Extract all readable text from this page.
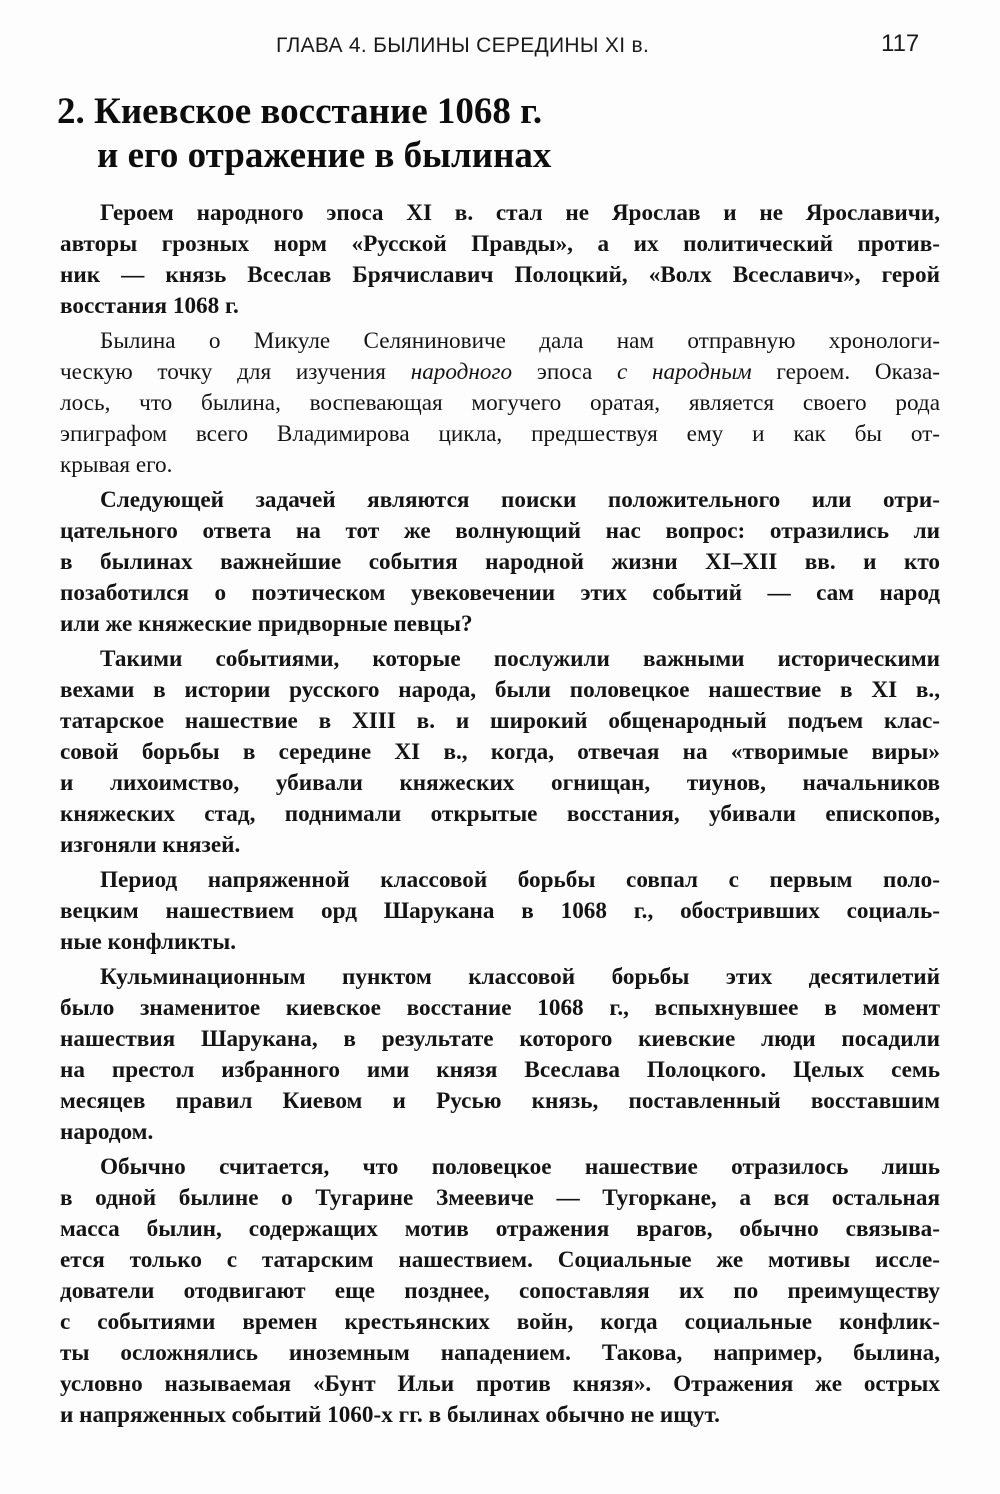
ГЛАВА 4. БЫЛИНЫ СЕРЕДИНЫ XI в.	117
2. Киевское восстание 1068 г.
и его отражение в былинах

Героем народного эпоса XI в. стал не Ярослав и не Ярославичи,
авторы грозных норм «Русской Правды», а их политический против-
ник — князь Всеслав Брячиславич Полоцкий, «Волх Всеславич», герой
восстания 1068 г.

Былина о Микуле Селяниновиче дала нам отправную хронологи-
ческую точку для изучения народного эпоса с народным героем. Оказа-
лось, что былина, воспевающая могучего оратая, является своего рода
эпиграфом всего Владимирова цикла, предшествуя ему и как бы от-
крывая его.

Следующей задачей являются поиски положительного или отри-
цательного ответа на тот же волнующий нас вопрос: отразились ли
в былинах важнейшие события народной жизни XI–XII вв. и кто
позаботился о поэтическом увековечении этих событий — сам народ
или же княжеские придворные певцы?

Такими событиями, которые послужили важными историческими
вехами в истории русского народа, были половецкое нашествие в XI в.,
татарское нашествие в XIII в. и широкий общенародный подъем клас-
совой борьбы в середине XI в., когда, отвечая на «творимые виры»
и лихоимство, убивали княжеских огнищан, тиунов, начальников
княжеских стад, поднимали открытые восстания, убивали епископов,
изгоняли князей.

Период напряженной классовой борьбы совпал с первым поло-
вецким нашествием орд Шарукана в 1068 г., обостривших социаль-
ные конфликты.

Кульминационным пунктом классовой борьбы этих десятилетий
было знаменитое киевское восстание 1068 г., вспыхнувшее в момент
нашествия Шарукана, в результате которого киевские люди посадили
на престол избранного ими князя Всеслава Полоцкого. Целых семь
месяцев правил Киевом и Русью князь, поставленный восставшим
народом.

Обычно считается, что половецкое нашествие отразилось лишь
в одной былине о Тугарине Змеевиче — Тугоркане, а вся остальная
масса былин, содержащих мотив отражения врагов, обычно связыва-
ется только с татарским нашествием. Социальные же мотивы иссле-
дователи отодвигают еще позднее, сопоставляя их по преимуществу
с событиями времен крестьянских войн, когда социальные конфлик-
ты осложнялись иноземным нападением. Такова, например, былина,
условно называемая «Бунт Ильи против князя». Отражения же острых
и напряженных событий 1060-х гг. в былинах обычно не ищут.
